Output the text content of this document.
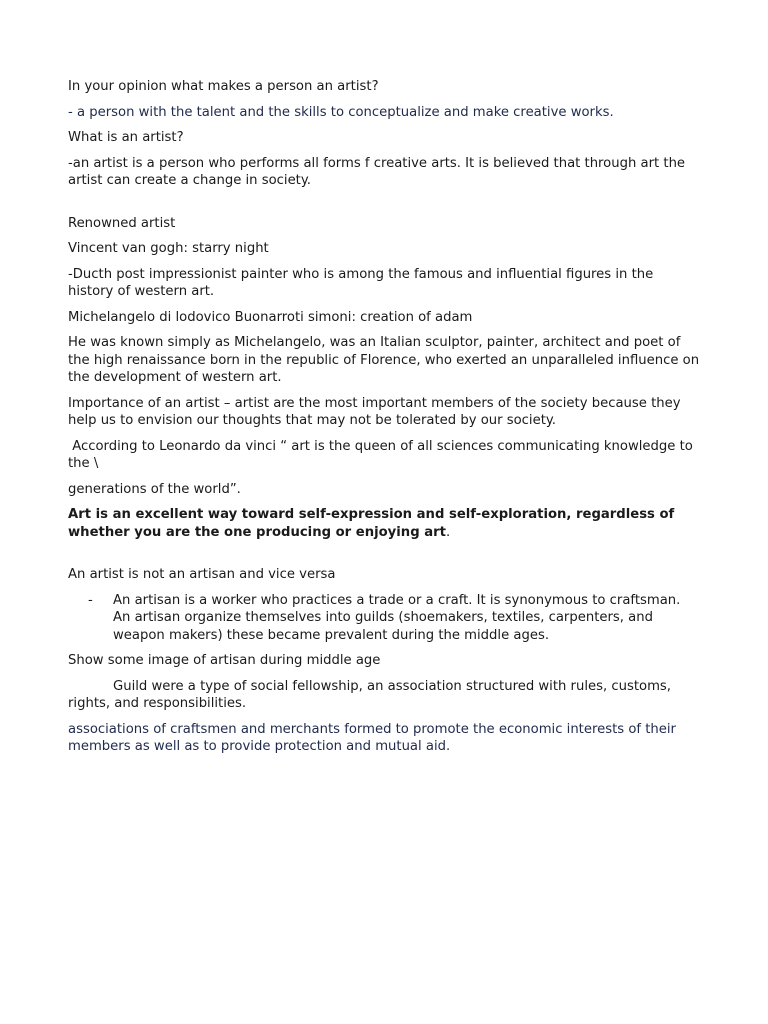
In your opinion what makes a person an artist?

- a person with the talent and the skills to conceptualize and make creative works.

What is an artist?

-an artist is a person who performs all forms f creative arts. It is believed that through art the artist can create a change in society.

Renowned artist

Vincent van gogh: starry night

-Ducth post impressionist painter who is among the famous and influential figures in the history of western art.

Michelangelo di lodovico Buonarroti simoni: creation of adam

He was known simply as Michelangelo, was an Italian sculptor, painter, architect and poet of the high renaissance born in the republic of Florence, who exerted an unparalleled influence on the development of western art.

Importance of an artist – artist are the most important members of the society because they help us to envision our thoughts that may not be tolerated by our society.

According to Leonardo da vinci “ art is the queen of all sciences communicating knowledge to the \

generations of the world”.

Art is an excellent way toward self-expression and self-exploration, regardless of whether you are the one producing or enjoying art.

An artist is not an artisan and vice versa

-	An artisan is a worker who practices a trade or a craft. It is synonymous to craftsman. An artisan organize themselves into guilds (shoemakers, textiles, carpenters, and weapon makers) these became prevalent during the middle ages.

Show some image of artisan during middle age

Guild were a type of social fellowship, an association structured with rules, customs, rights, and responsibilities.

associations of craftsmen and merchants formed to promote the economic interests of their members as well as to provide protection and mutual aid.
